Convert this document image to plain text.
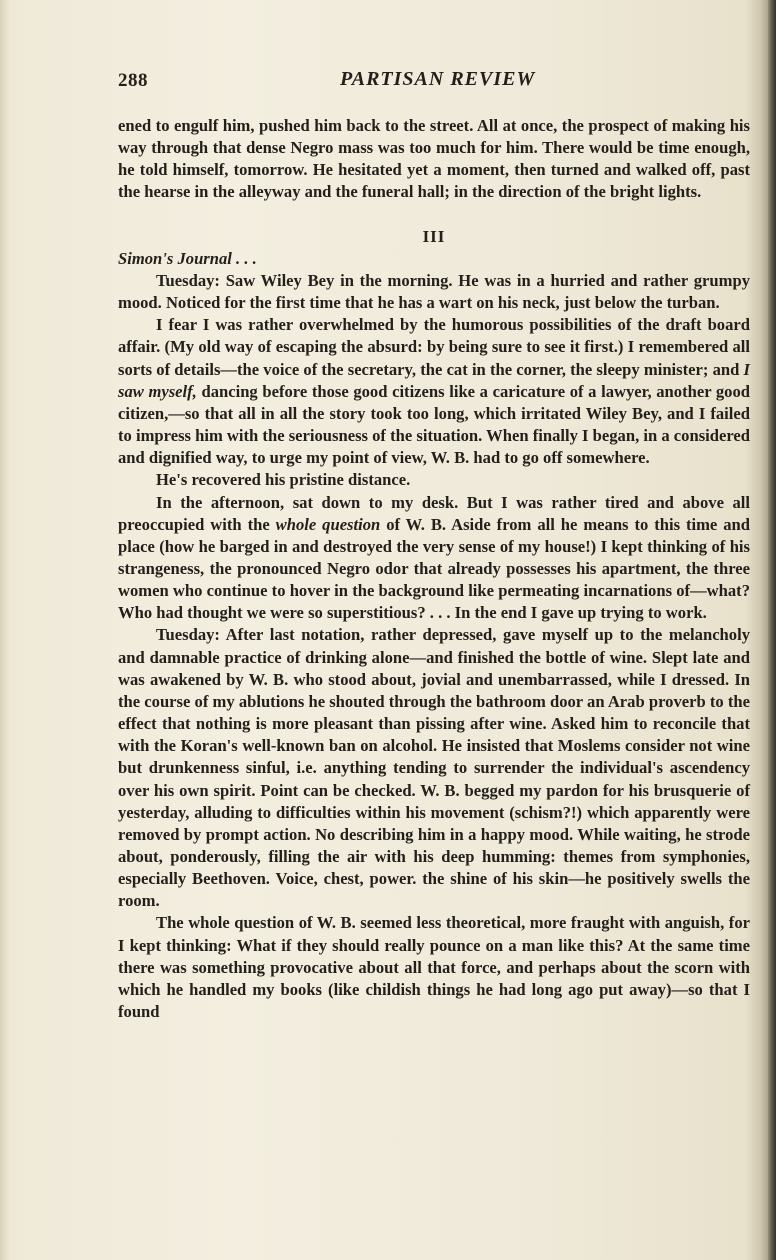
288	PARTISAN REVIEW

ened to engulf him, pushed him back to the street. All at once, the prospect of making his way through that dense Negro mass was too much for him. There would be time enough, he told himself, tomorrow. He hesitated yet a moment, then turned and walked off, past the hearse in the alleyway and the funeral hall; in the direction of the bright lights.

III

Simon's Journal . . .

Tuesday: Saw Wiley Bey in the morning. He was in a hurried and rather grumpy mood. Noticed for the first time that he has a wart on his neck, just below the turban.

I fear I was rather overwhelmed by the humorous possibilities of the draft board affair. (My old way of escaping the absurd: by being sure to see it first.) I remembered all sorts of details—the voice of the secretary, the cat in the corner, the sleepy minister; and I saw myself, dancing before those good citizens like a caricature of a lawyer, another good citizen,—so that all in all the story took too long, which irritated Wiley Bey, and I failed to impress him with the seriousness of the situation. When finally I began, in a considered and dignified way, to urge my point of view, W. B. had to go off somewhere.

He's recovered his pristine distance.

In the afternoon, sat down to my desk. But I was rather tired and above all preoccupied with the whole question of W. B. Aside from all he means to this time and place (how he barged in and destroyed the very sense of my house!) I kept thinking of his strangeness, the pronounced Negro odor that already possesses his apartment, the three women who continue to hover in the background like permeating incarnations of—what? Who had thought we were so superstitious? . . . In the end I gave up trying to work.

Tuesday: After last notation, rather depressed, gave myself up to the melancholy and damnable practice of drinking alone—and finished the bottle of wine. Slept late and was awakened by W. B. who stood about, jovial and unembarrassed, while I dressed. In the course of my ablutions he shouted through the bathroom door an Arab proverb to the effect that nothing is more pleasant than pissing after wine. Asked him to reconcile that with the Koran's well-known ban on alcohol. He insisted that Moslems consider not wine but drunkenness sinful, i.e. anything tending to surrender the individual's ascendency over his own spirit. Point can be checked. W. B. begged my pardon for his brusquerie of yesterday, alluding to difficulties within his movement (schism?!) which apparently were removed by prompt action. No describing him in a happy mood. While waiting, he strode about, ponderously, filling the air with his deep humming: themes from symphonies, especially Beethoven. Voice, chest, power. the shine of his skin—he positively swells the room.

The whole question of W. B. seemed less theoretical, more fraught with anguish, for I kept thinking: What if they should really pounce on a man like this? At the same time there was something provocative about all that force, and perhaps about the scorn with which he handled my books (like childish things he had long ago put away)—so that I found
